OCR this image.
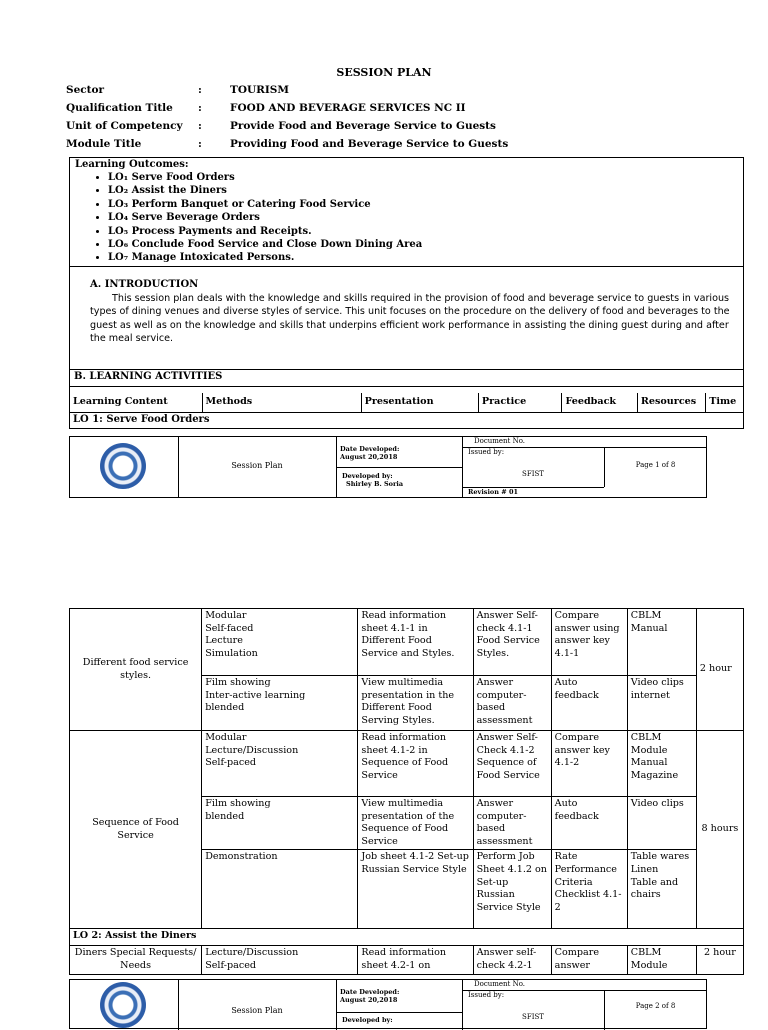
SESSION PLAN
Sector	:	TOURISM
Qualification Title	:	FOOD AND BEVERAGE SERVICES NC II
Unit of Competency	:	Provide Food and Beverage Service to Guests
Module Title	:	Providing Food and Beverage Service to Guests
Learning Outcomes:
• LO₁ Serve Food Orders
• LO₂ Assist the Diners
• LO₃ Perform Banquet or Catering Food Service
• LO₄ Serve Beverage Orders
• LO₅ Process Payments and Receipts.
• LO₆ Conclude Food Service and Close Down Dining Area
• LO₇ Manage Intoxicated Persons.
A. INTRODUCTION
This session plan deals with the knowledge and skills required in the provision of food and beverage service to guests in various types of dining venues and diverse styles of service. This unit focuses on the procedure on the delivery of food and beverages to the guest as well as on the knowledge and skills that underpins efficient work performance in assisting the dining guest during and after the meal service.
B. LEARNING ACTIVITIES

Learning Content	Methods	Presentation	Practice	Feedback	Resources	Time
LO 1: Serve Food Orders
Session Plan
Date Developed:
August 20,2018
Developed by:
Shirley B. Soria
Document No.
Issued by:
SFIST
Page 1 of 8
Revision # 01
Different food service styles.	Modular
Self-faced
Lecture
Simulation	Read information sheet 4.1-1 in Different Food Service and Styles.	Answer Self-check 4.1-1 Food Service Styles.	Compare answer using answer key 4.1-1	CBLM
Manual	2 hour
	Film showing
Inter-active learning
blended	View multimedia presentation in the Different Food Serving Styles.	Answer computer-based assessment	Auto feedback	Video clips internet	
Sequence of Food Service	Modular
Lecture/Discussion
Self-paced	Read information sheet 4.1-2 in Sequence of Food Service	Answer Self-Check 4.1-2 Sequence of Food Service	Compare answer key 4.1-2	CBLM
Module
Manual
Magazine	8 hours
	Film showing
blended	View multimedia presentation of the Sequence of Food Service	Answer computer-based assessment	Auto feedback	Video clips	
	Demonstration	Job sheet 4.1-2 Set-up Russian Service Style	Perform Job Sheet 4.1.2 on Set-up Russian Service Style	Rate Performance Criteria Checklist 4.1-2	Table wares
Linen
Table and chairs	
LO 2: Assist the Diners						
Diners Special Requests/ Needs	Lecture/Discussion
Self-paced	Read information sheet 4.2-1 on	Answer self-check 4.2-1	Compare answer	CBLM
Module	2 hour
Session Plan
Date Developed:
August 20,2018
Developed by:
Document No.
Issued by:
SFIST
Page 2 of 8
